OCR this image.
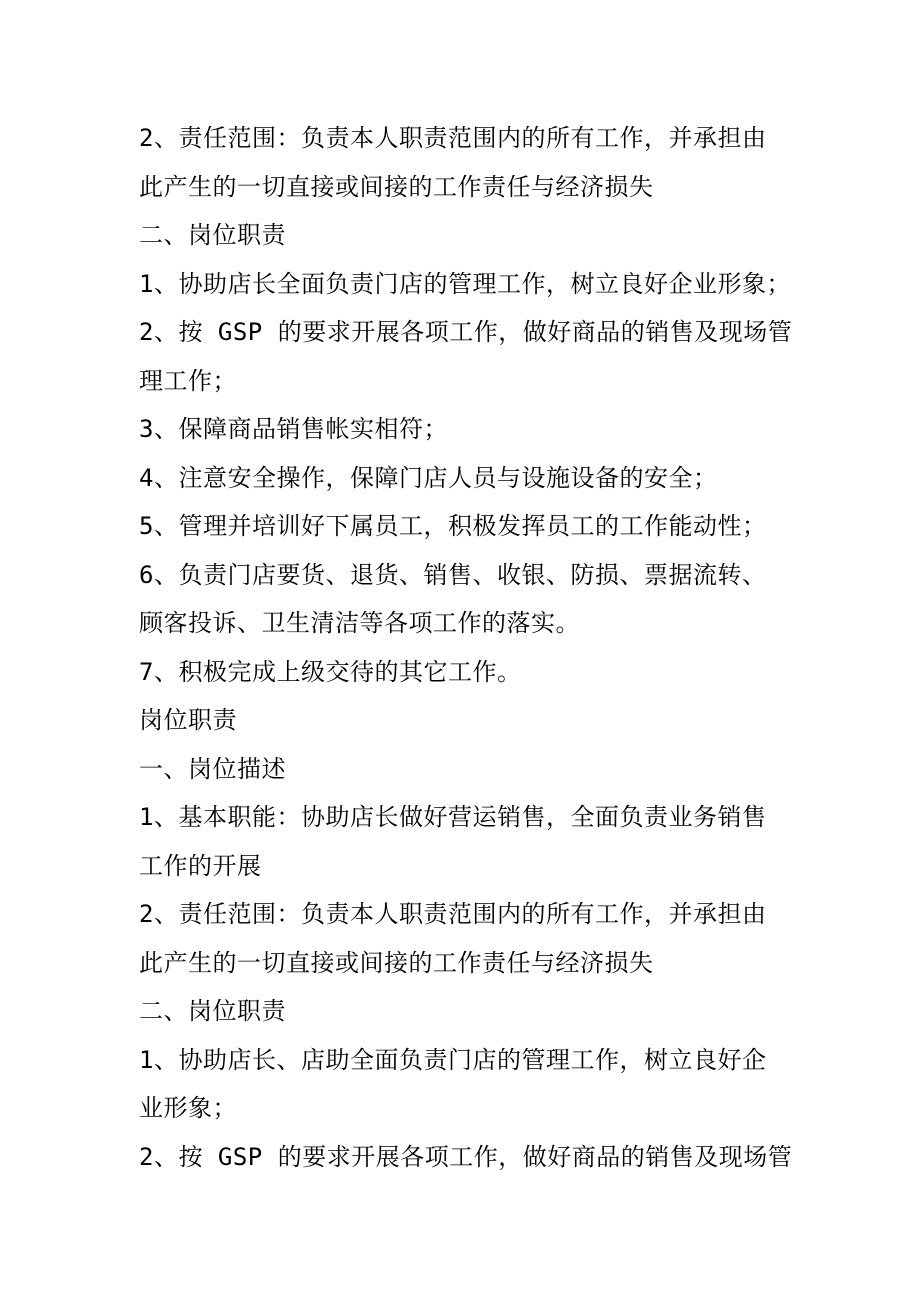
2、责任范围：负责本人职责范围内的所有工作，并承担由
此产生的一切直接或间接的工作责任与经济损失
二、岗位职责
1、协助店长全面负责门店的管理工作，树立良好企业形象；
2、按 GSP 的要求开展各项工作，做好商品的销售及现场管
理工作；
3、保障商品销售帐实相符；
4、注意安全操作，保障门店人员与设施设备的安全；
5、管理并培训好下属员工，积极发挥员工的工作能动性；
6、负责门店要货、退货、销售、收银、防损、票据流转、
顾客投诉、卫生清洁等各项工作的落实。
7、积极完成上级交待的其它工作。
岗位职责
一、岗位描述
1、基本职能：协助店长做好营运销售，全面负责业务销售
工作的开展
2、责任范围：负责本人职责范围内的所有工作，并承担由
此产生的一切直接或间接的工作责任与经济损失
二、岗位职责
1、协助店长、店助全面负责门店的管理工作，树立良好企
业形象；
2、按 GSP 的要求开展各项工作，做好商品的销售及现场管
